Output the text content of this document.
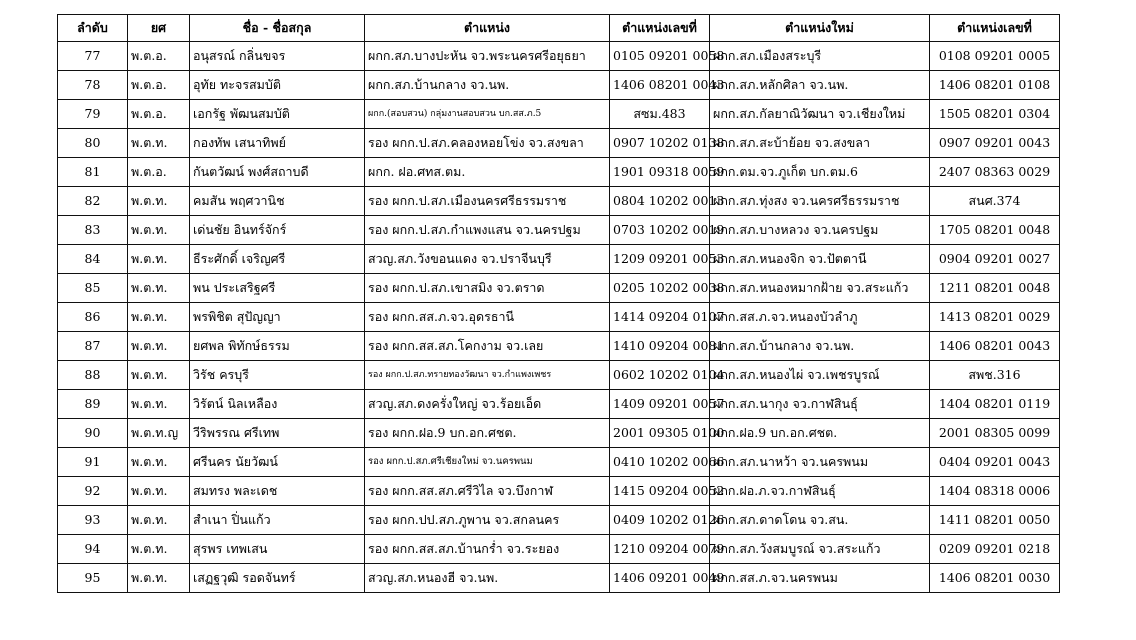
ลำดับ	ยศ	ชื่อ - ชื่อสกุล	ตำแหน่ง	ตำแหน่งเลขที่	ตำแหน่งใหม่	ตำแหน่งเลขที่
77	พ.ต.อ.	อนุสรณ์ กลิ่นขจร	ผกก.สภ.บางปะหัน จว.พระนครศรีอยุธยา	0105 09201 0058	ผกก.สภ.เมืองสระบุรี	0108 09201 0005
78	พ.ต.อ.	อุทัย ทะจรสมบัติ	ผกก.สภ.บ้านกลาง จว.นพ.	1406 08201 0043	ผกก.สภ.หลักศิลา จว.นพ.	1406 08201 0108
79	พ.ต.อ.	เอกรัฐ พัฒนสมบัติ	ผกก.(สอบสวน) กลุ่มงานสอบสวน บก.สส.ภ.5	สซม.483	ผกก.สภ.กัลยาณิวัฒนา จว.เชียงใหม่	1505 08201 0304
80	พ.ต.ท.	กองทัพ เสนาทิพย์	รอง ผกก.ป.สภ.คลองหอยโข่ง จว.สงขลา	0907 10202 0138	ผกก.สภ.สะบ้าย้อย จว.สงขลา	0907 09201 0043
81	พ.ต.อ.	กันตวัฒน์ พงศ์สถาบดี	ผกก. ฝอ.ศทส.ตม.	1901 09318 0059	ผกก.ตม.จว.ภูเก็ต บก.ตม.6	2407 08363 0029
82	พ.ต.ท.	คมสัน พฤศวานิช	รอง ผกก.ป.สภ.เมืองนครศรีธรรมราช	0804 10202 0013	ผกก.สภ.ทุ่งสง จว.นครศรีธรรมราช	สนศ.374
83	พ.ต.ท.	เด่นชัย อินทร์จักร์	รอง ผกก.ป.สภ.กำแพงแสน จว.นครปฐม	0703 10202 0019	ผกก.สภ.บางหลวง จว.นครปฐม	1705 08201 0048
84	พ.ต.ท.	ธีระศักดิ์ เจริญศรี	สวญ.สภ.วังขอนแดง จว.ปราจีนบุรี	1209 09201 0053	ผกก.สภ.หนองจิก จว.ปัตตานี	0904 09201 0027
85	พ.ต.ท.	พน ประเสริฐศรี	รอง ผกก.ป.สภ.เขาสมิง จว.ตราด	0205 10202 0038	ผกก.สภ.หนองหมากฝ้าย จว.สระแก้ว	1211 08201 0048
86	พ.ต.ท.	พรพิชิต สุปัญญา	รอง ผกก.สส.ภ.จว.อุดรธานี	1414 09204 0107	ผกก.สส.ภ.จว.หนองบัวลำภู	1413 08201 0029
87	พ.ต.ท.	ยศพล พิทักษ์ธรรม	รอง ผกก.สส.สภ.โคกงาม จว.เลย	1410 09204 0081	ผกก.สภ.บ้านกลาง จว.นพ.	1406 08201 0043
88	พ.ต.ท.	วิรัช ครบุรี	รอง ผกก.ป.สภ.ทรายทองวัฒนา จว.กำแพงเพชร	0602 10202 0104	ผกก.สภ.หนองไผ่ จว.เพชรบูรณ์	สพช.316
89	พ.ต.ท.	วิรัตน์ นิลเหลือง	สวญ.สภ.ดงครั่งใหญ่ จว.ร้อยเอ็ด	1409 09201 0057	ผกก.สภ.นากุง จว.กาฬสินธุ์	1404 08201 0119
90	พ.ต.ท.ญ	วีริพรรณ ศรีเทพ	รอง ผกก.ฝอ.9 บก.อก.ศชต.	2001 09305 0100	ผกก.ฝอ.9 บก.อก.ศชต.	2001 08305 0099
91	พ.ต.ท.	ศรีนคร นัยวัฒน์	รอง ผกก.ป.สภ.ศรีเชียงใหม่ จว.นครพนม	0410 10202 0066	ผกก.สภ.นาหว้า จว.นครพนม	0404 09201 0043
92	พ.ต.ท.	สมทรง พละเดช	รอง ผกก.สส.สภ.ศรีวิไล จว.บึงกาฬ	1415 09204 0052	ผกก.ฝอ.ภ.จว.กาฬสินธุ์	1404 08318 0006
93	พ.ต.ท.	สำเนา ปิ่นแก้ว	รอง ผกก.ปป.สภ.ภูพาน จว.สกลนคร	0409 10202 0126	ผกก.สภ.ดาดโดน จว.สน.	1411 08201 0050
94	พ.ต.ท.	สุรพร เทพเสน	รอง ผกก.สส.สภ.บ้านกร่ำ จว.ระยอง	1210 09204 0079	ผกก.สภ.วังสมบูรณ์ จว.สระแก้ว	0209 09201 0218
95	พ.ต.ท.	เสฏฐวุฒิ รอดจันทร์	สวญ.สภ.หนองฮี จว.นพ.	1406 09201 0049	ผกก.สส.ภ.จว.นครพนม	1406 08201 0030
